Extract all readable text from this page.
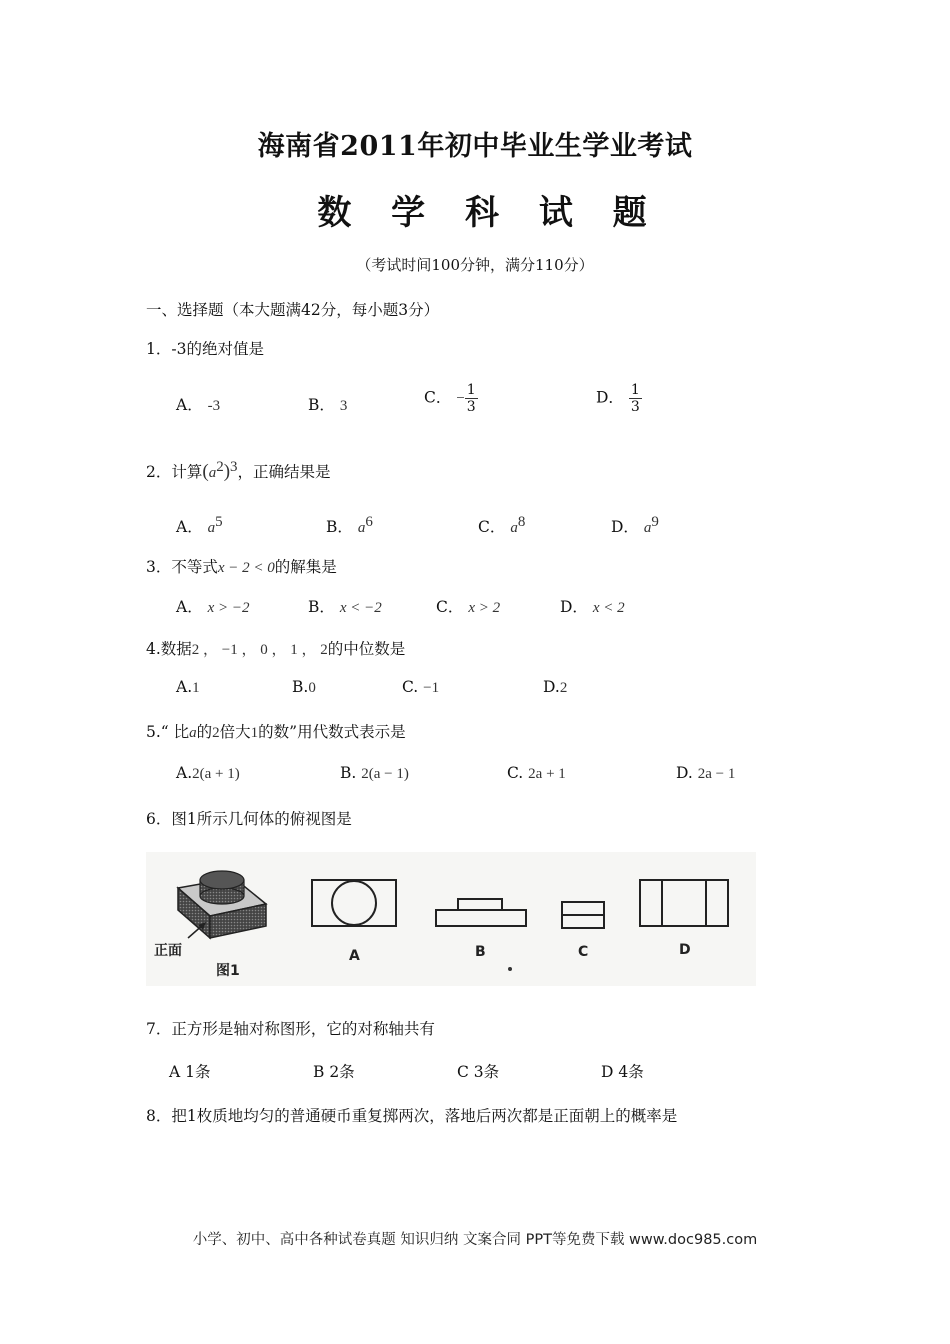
海南省2011年初中毕业生学业考试
数 学 科 试 题
（考试时间100分钟，满分110分）
一、选择题（本大题满42分，每小题3分）
1．-3的绝对值是
A． -3	B． 3	C． − $\frac{1}{3}$	D． $\frac{1}{3}$
2．计算$(a^2)^3$，正确结果是
A． $a^5$	B． $a^6$	C． $a^8$	D． $a^9$
3．不等式x − 2 < 0的解集是
A． x > −2	B． x < −2	C． x > 2	D． x < 2
4.数据2 ， −1 ， 0 ， 1 ， 2的中位数是
A.1	B.0	C. −1	D.2
5.“ 比a的2倍大1的数”用代数式表示是
A.2(a + 1)	B. 2(a − 1)	C. 2a + 1	D. 2a − 1
6．图1所示几何体的俯视图是
正面
图1
A	B	C	D
7．正方形是轴对称图形，它的对称轴共有
A 1条	B 2条	C 3条	D 4条
8．把1枚质地均匀的普通硬币重复掷两次，落地后两次都是正面朝上的概率是
小学、初中、高中各种试卷真题 知识归纳 文案合同 PPT等免费下载 www.doc985.com
